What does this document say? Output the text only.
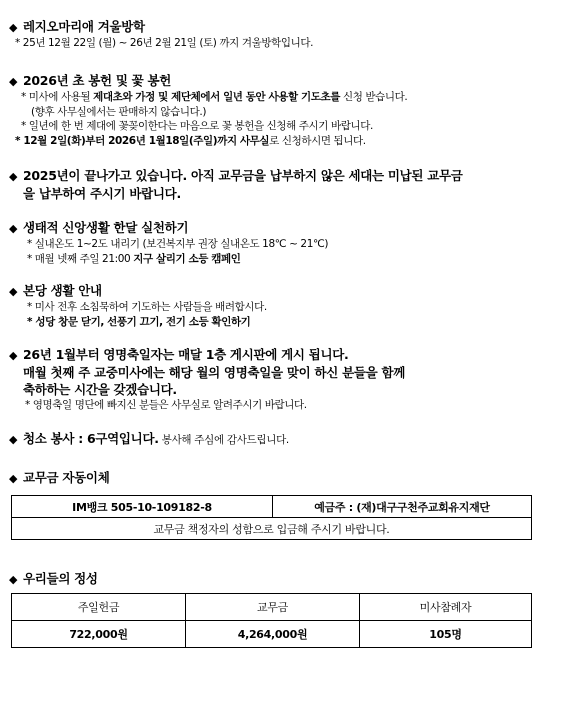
◆ 레지오마리애 겨울방학
* 25년 12월 22일 (월) ~ 26년 2월 21일 (토) 까지 겨울방학입니다.
◆ 2026년 초 봉헌 및 꽃 봉헌
* 미사에 사용될 제대초와 가정 및 제단체에서 일년 동안 사용할 기도초를 신청 받습니다.
(향후 사무실에서는 판매하지 않습니다.)
* 일년에 한 번 제대에 꽃꽂이한다는 마음으로 꽃 봉헌을 신청해 주시기 바랍니다.
* 12월 2일(화)부터 2026년 1월18일(주일)까지 사무실로 신청하시면 됩니다.
◆ 2025년이 끝나가고 있습니다. 아직 교무금을 납부하지 않은 세대는 미납된 교무금
을 납부하여 주시기 바랍니다.
◆ 생태적 신앙생활 한달 실천하기
* 실내온도 1~2도 내리기 (보건복지부 권장 실내온도 18℃ ~ 21℃)
* 매월 넷째 주일 21:00 지구 살리기 소등 캠페인
◆ 본당 생활 안내
* 미사 전후 소침묵하여 기도하는 사람들을 배려합시다.
* 성당 창문 닫기, 선풍기 끄기, 전기 소등 확인하기
◆ 26년 1월부터 영명축일자는 매달 1층 게시판에 게시 됩니다.
매월 첫째 주 교중미사에는 해당 월의 영명축일을 맞이 하신 분들을 함께
축하하는 시간을 갖겠습니다.
* 영명축일 명단에 빠지신 분들은 사무실로 알려주시기 바랍니다.
◆ 청소 봉사 : 6구역입니다. 봉사해 주심에 감사드립니다.
◆ 교무금 자동이체
IM뱅크 505-10-109182-8	예금주 : (재)대구구천주교회유지재단
교무금 책정자의 성함으로 입금해 주시기 바랍니다.
◆ 우리들의 정성
주일헌금	교무금	미사참례자
722,000원	4,264,000원	105명
